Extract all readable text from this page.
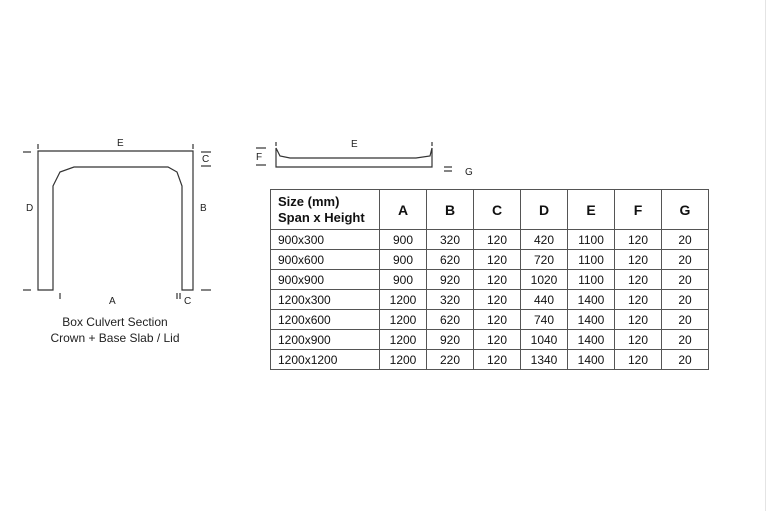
E
D	B
C
A	C
E
F
G
Box Culvert Section
Crown + Base Slab / Lid
Size (mm)
Span x Height	A	B	C	D	E	F	G
900x300	900	320	120	420	1100	120	20
900x600	900	620	120	720	1100	120	20
900x900	900	920	120	1020	1100	120	20
1200x300	1200	320	120	440	1400	120	20
1200x600	1200	620	120	740	1400	120	20
1200x900	1200	920	120	1040	1400	120	20
1200x1200	1200	220	120	1340	1400	120	20
